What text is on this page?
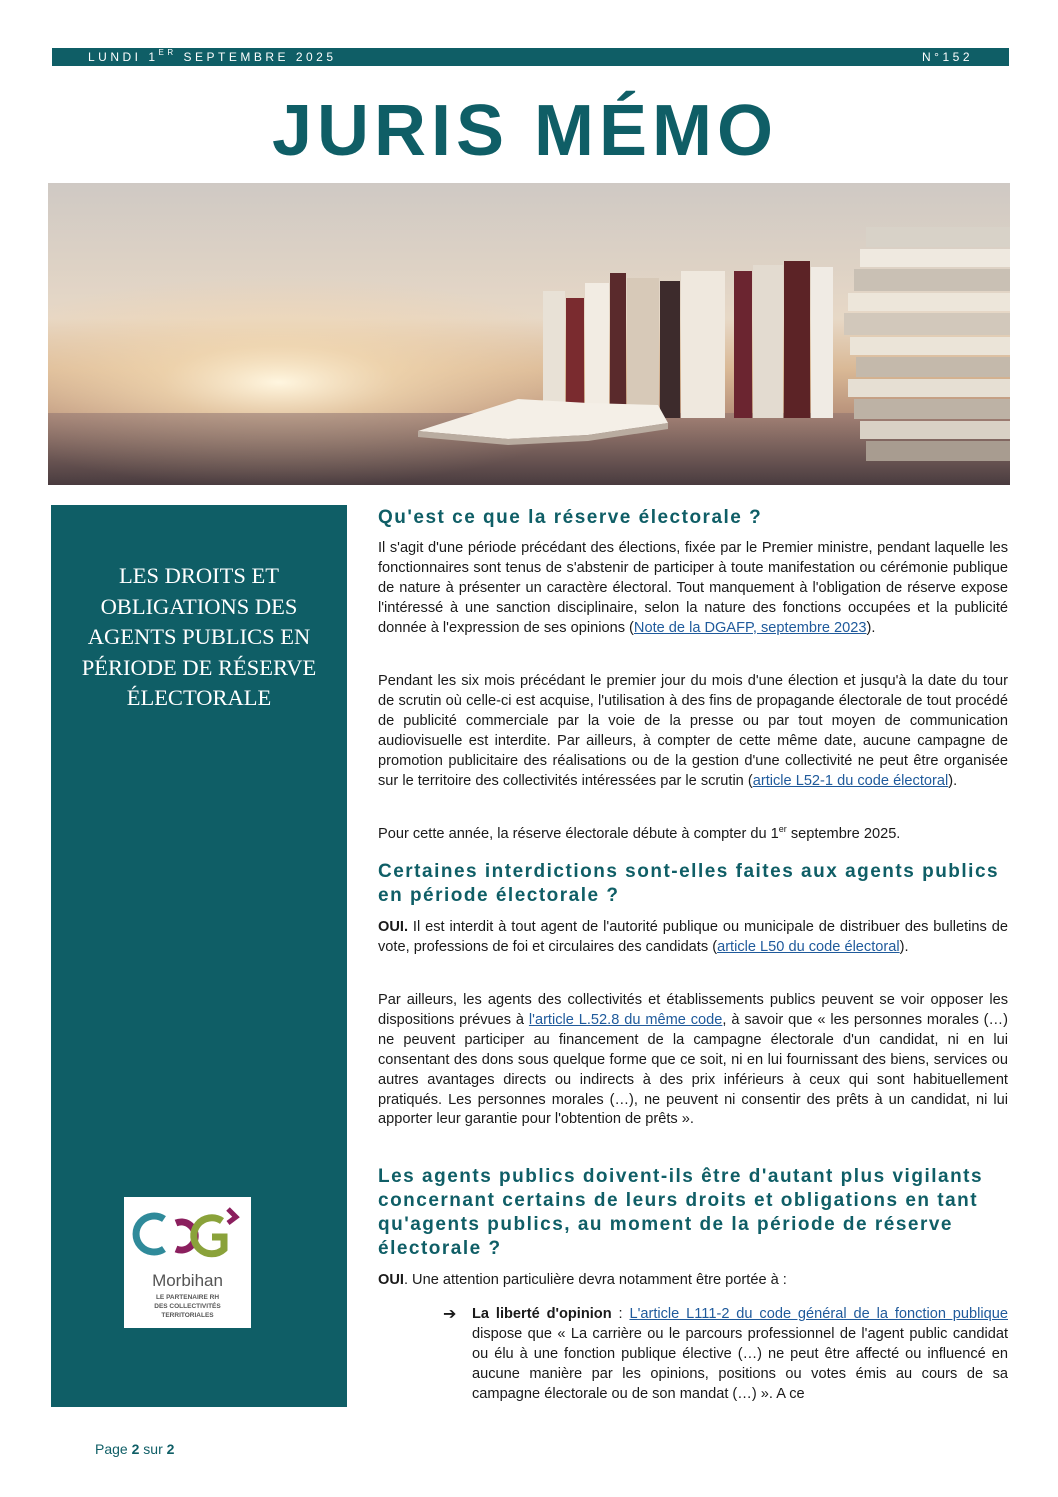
LUNDI 1ER SEPTEMBRE 2025	N°152
JURIS MÉMO
LES DROITS ET
OBLIGATIONS DES
AGENTS PUBLICS EN
PÉRIODE DE RÉSERVE
ÉLECTORALE
Morbihan
LE PARTENAIRE RH
DES COLLECTIVITÉS
TERRITORIALES
Qu'est ce que la réserve électorale ?
Il s'agit d'une période précédant des élections, fixée par le Premier ministre, pendant laquelle les fonctionnaires sont tenus de s'abstenir de participer à toute manifestation ou cérémonie publique de nature à présenter un caractère électoral. Tout manquement à l'obligation de réserve expose l'intéressé à une sanction disciplinaire, selon la nature des fonctions occupées et la publicité donnée à l'expression de ses opinions (Note de la DGAFP, septembre 2023).
Pendant les six mois précédant le premier jour du mois d'une élection et jusqu'à la date du tour de scrutin où celle-ci est acquise, l'utilisation à des fins de propagande électorale de tout procédé de publicité commerciale par la voie de la presse ou par tout moyen de communication audiovisuelle est interdite. Par ailleurs, à compter de cette même date, aucune campagne de promotion publicitaire des réalisations ou de la gestion d'une collectivité ne peut être organisée sur le territoire des collectivités intéressées par le scrutin (article L52-1 du code électoral).
Pour cette année, la réserve électorale débute à compter du 1er septembre 2025.
Certaines interdictions sont-elles faites aux agents publics en période électorale ?
OUI. Il est interdit à tout agent de l'autorité publique ou municipale de distribuer des bulletins de vote, professions de foi et circulaires des candidats (article L50 du code électoral).
Par ailleurs, les agents des collectivités et établissements publics peuvent se voir opposer les dispositions prévues à l'article L.52.8 du même code, à savoir que « les personnes morales (…) ne peuvent participer au financement de la campagne électorale d'un candidat, ni en lui consentant des dons sous quelque forme que ce soit, ni en lui fournissant des biens, services ou autres avantages directs ou indirects à des prix inférieurs à ceux qui sont habituellement pratiqués. Les personnes morales (…), ne peuvent ni consentir des prêts à un candidat, ni lui apporter leur garantie pour l'obtention de prêts ».
Les agents publics doivent-ils être d'autant plus vigilants concernant certains de leurs droits et obligations en tant qu'agents publics, au moment de la période de réserve électorale ?
OUI. Une attention particulière devra notamment être portée à :
➔ La liberté d'opinion : L'article L111-2 du code général de la fonction publique dispose que « La carrière ou le parcours professionnel de l'agent public candidat ou élu à une fonction publique élective (…) ne peut être affecté ou influencé en aucune manière par les opinions, positions ou votes émis au cours de sa campagne électorale ou de son mandat (…) ». A ce
Page 2 sur 2
